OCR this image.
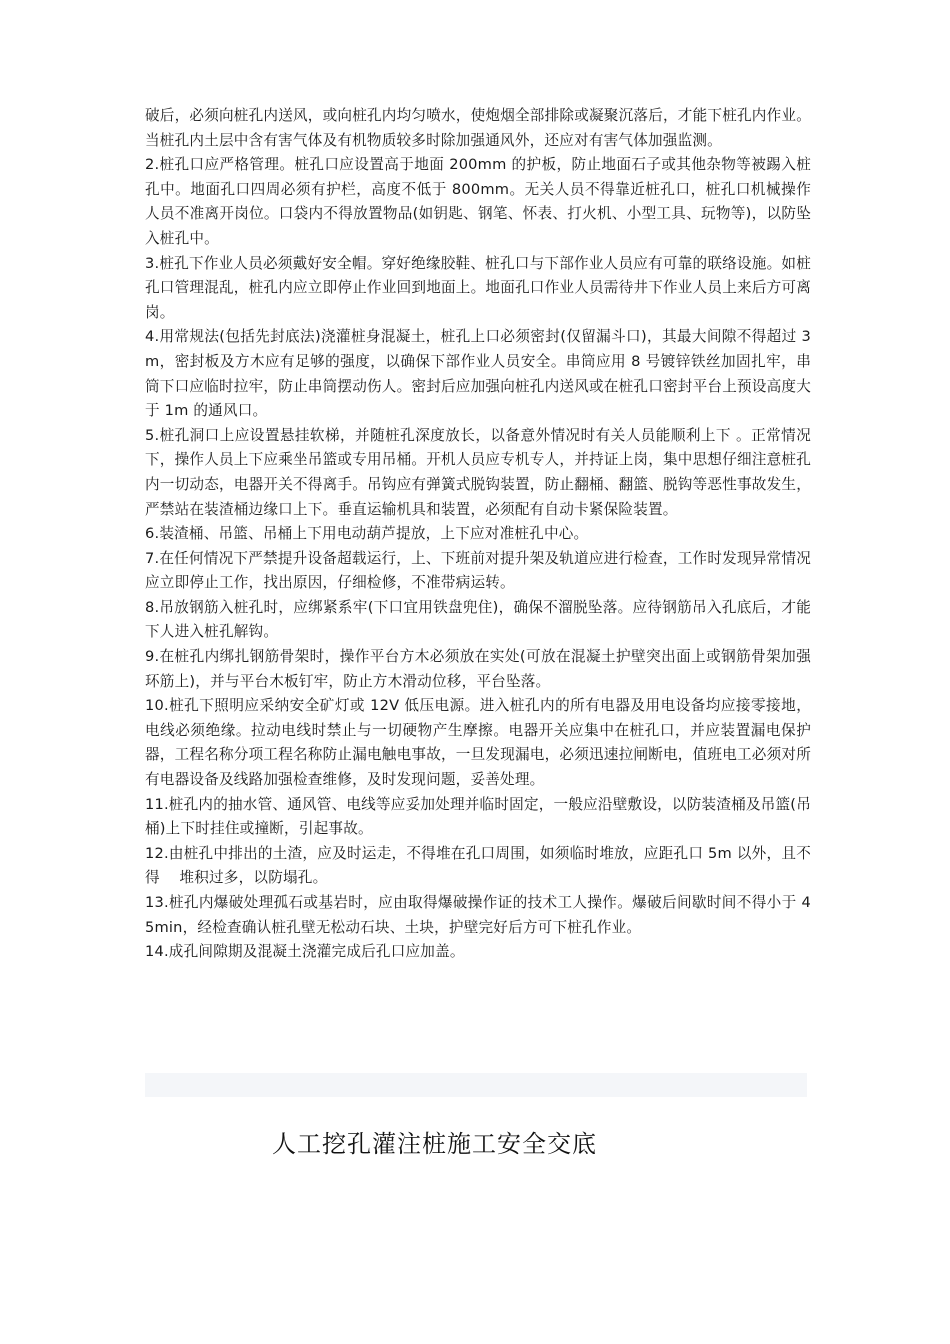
破后，必须向桩孔内送风，或向桩孔内均匀喷水，使炮烟全部排除或凝聚沉落后，才能下桩孔内作业。当桩孔内土层中含有害气体及有机物质较多时除加强通风外，还应对有害气体加强监测。

2.桩孔口应严格管理。桩孔口应设置高于地面 200mm 的护板，防止地面石子或其他杂物等被踢入桩孔中。地面孔口四周必须有护栏，高度不低于 800mm。无关人员不得靠近桩孔口，桩孔口机械操作人员不准离开岗位。口袋内不得放置物品(如钥匙、钢笔、怀表、打火机、小型工具、玩物等)，以防坠入桩孔中。

3.桩孔下作业人员必须戴好安全帽。穿好绝缘胶鞋、桩孔口与下部作业人员应有可靠的联络设施。如桩孔口管理混乱，桩孔内应立即停止作业回到地面上。地面孔口作业人员需待井下作业人员上来后方可离岗。

4.用常规法(包括先封底法)浇灌桩身混凝土，桩孔上口必须密封(仅留漏斗口)，其最大间隙不得超过 3m，密封板及方木应有足够的强度，以确保下部作业人员安全。串筒应用 8 号镀锌铁丝加固扎牢，串筒下口应临时拉牢，防止串筒摆动伤人。密封后应加强向桩孔内送风或在桩孔口密封平台上预设高度大于 1m 的通风口。

5.桩孔洞口上应设置悬挂软梯，并随桩孔深度放长，以备意外情况时有关人员能顺利上下 。正常情况下，操作人员上下应乘坐吊篮或专用吊桶。开机人员应专机专人，并持证上岗，集中思想仔细注意桩孔内一切动态，电器开关不得离手。吊钩应有弹簧式脱钩装置，防止翻桶、翻篮、脱钩等恶性事故发生，严禁站在装渣桶边缘口上下。垂直运输机具和装置，必须配有自动卡紧保险装置。

6.装渣桶、吊篮、吊桶上下用电动葫芦提放，上下应对准桩孔中心。

7.在任何情况下严禁提升设备超载运行，上、下班前对提升架及轨道应进行检查，工作时发现异常情况应立即停止工作，找出原因，仔细检修，不准带病运转。

8.吊放钢筋入桩孔时，应绑紧系牢(下口宜用铁盘兜住)，确保不溜脱坠落。应待钢筋吊入孔底后，才能下人进入桩孔解钩。

9.在桩孔内绑扎钢筋骨架时，操作平台方木必须放在实处(可放在混凝土护壁突出面上或钢筋骨架加强环筋上)，并与平台木板钉牢，防止方木滑动位移，平台坠落。

10.桩孔下照明应采纳安全矿灯或 12V 低压电源。进入桩孔内的所有电器及用电设备均应接零接地，电线必须绝缘。拉动电线时禁止与一切硬物产生摩擦。电器开关应集中在桩孔口，并应装置漏电保护器，工程名称分项工程名称防止漏电触电事故，一旦发现漏电，必须迅速拉闸断电，值班电工必须对所有电器设备及线路加强检查维修，及时发现问题，妥善处理。

11.桩孔内的抽水管、通风管、电线等应妥加处理并临时固定，一般应沿壁敷设，以防装渣桶及吊篮(吊桶)上下时挂住或撞断，引起事故。

12.由桩孔中排出的土渣，应及时运走，不得堆在孔口周围，如须临时堆放，应距孔口 5m 以外，且不得　 堆积过多，以防塌孔。

13.桩孔内爆破处理孤石或基岩时，应由取得爆破操作证的技术工人操作。爆破后间歇时间不得小于 45min，经检查确认桩孔壁无松动石块、土块，护壁完好后方可下桩孔作业。

14.成孔间隙期及混凝土浇灌完成后孔口应加盖。

人工挖孔灌注桩施工安全交底
